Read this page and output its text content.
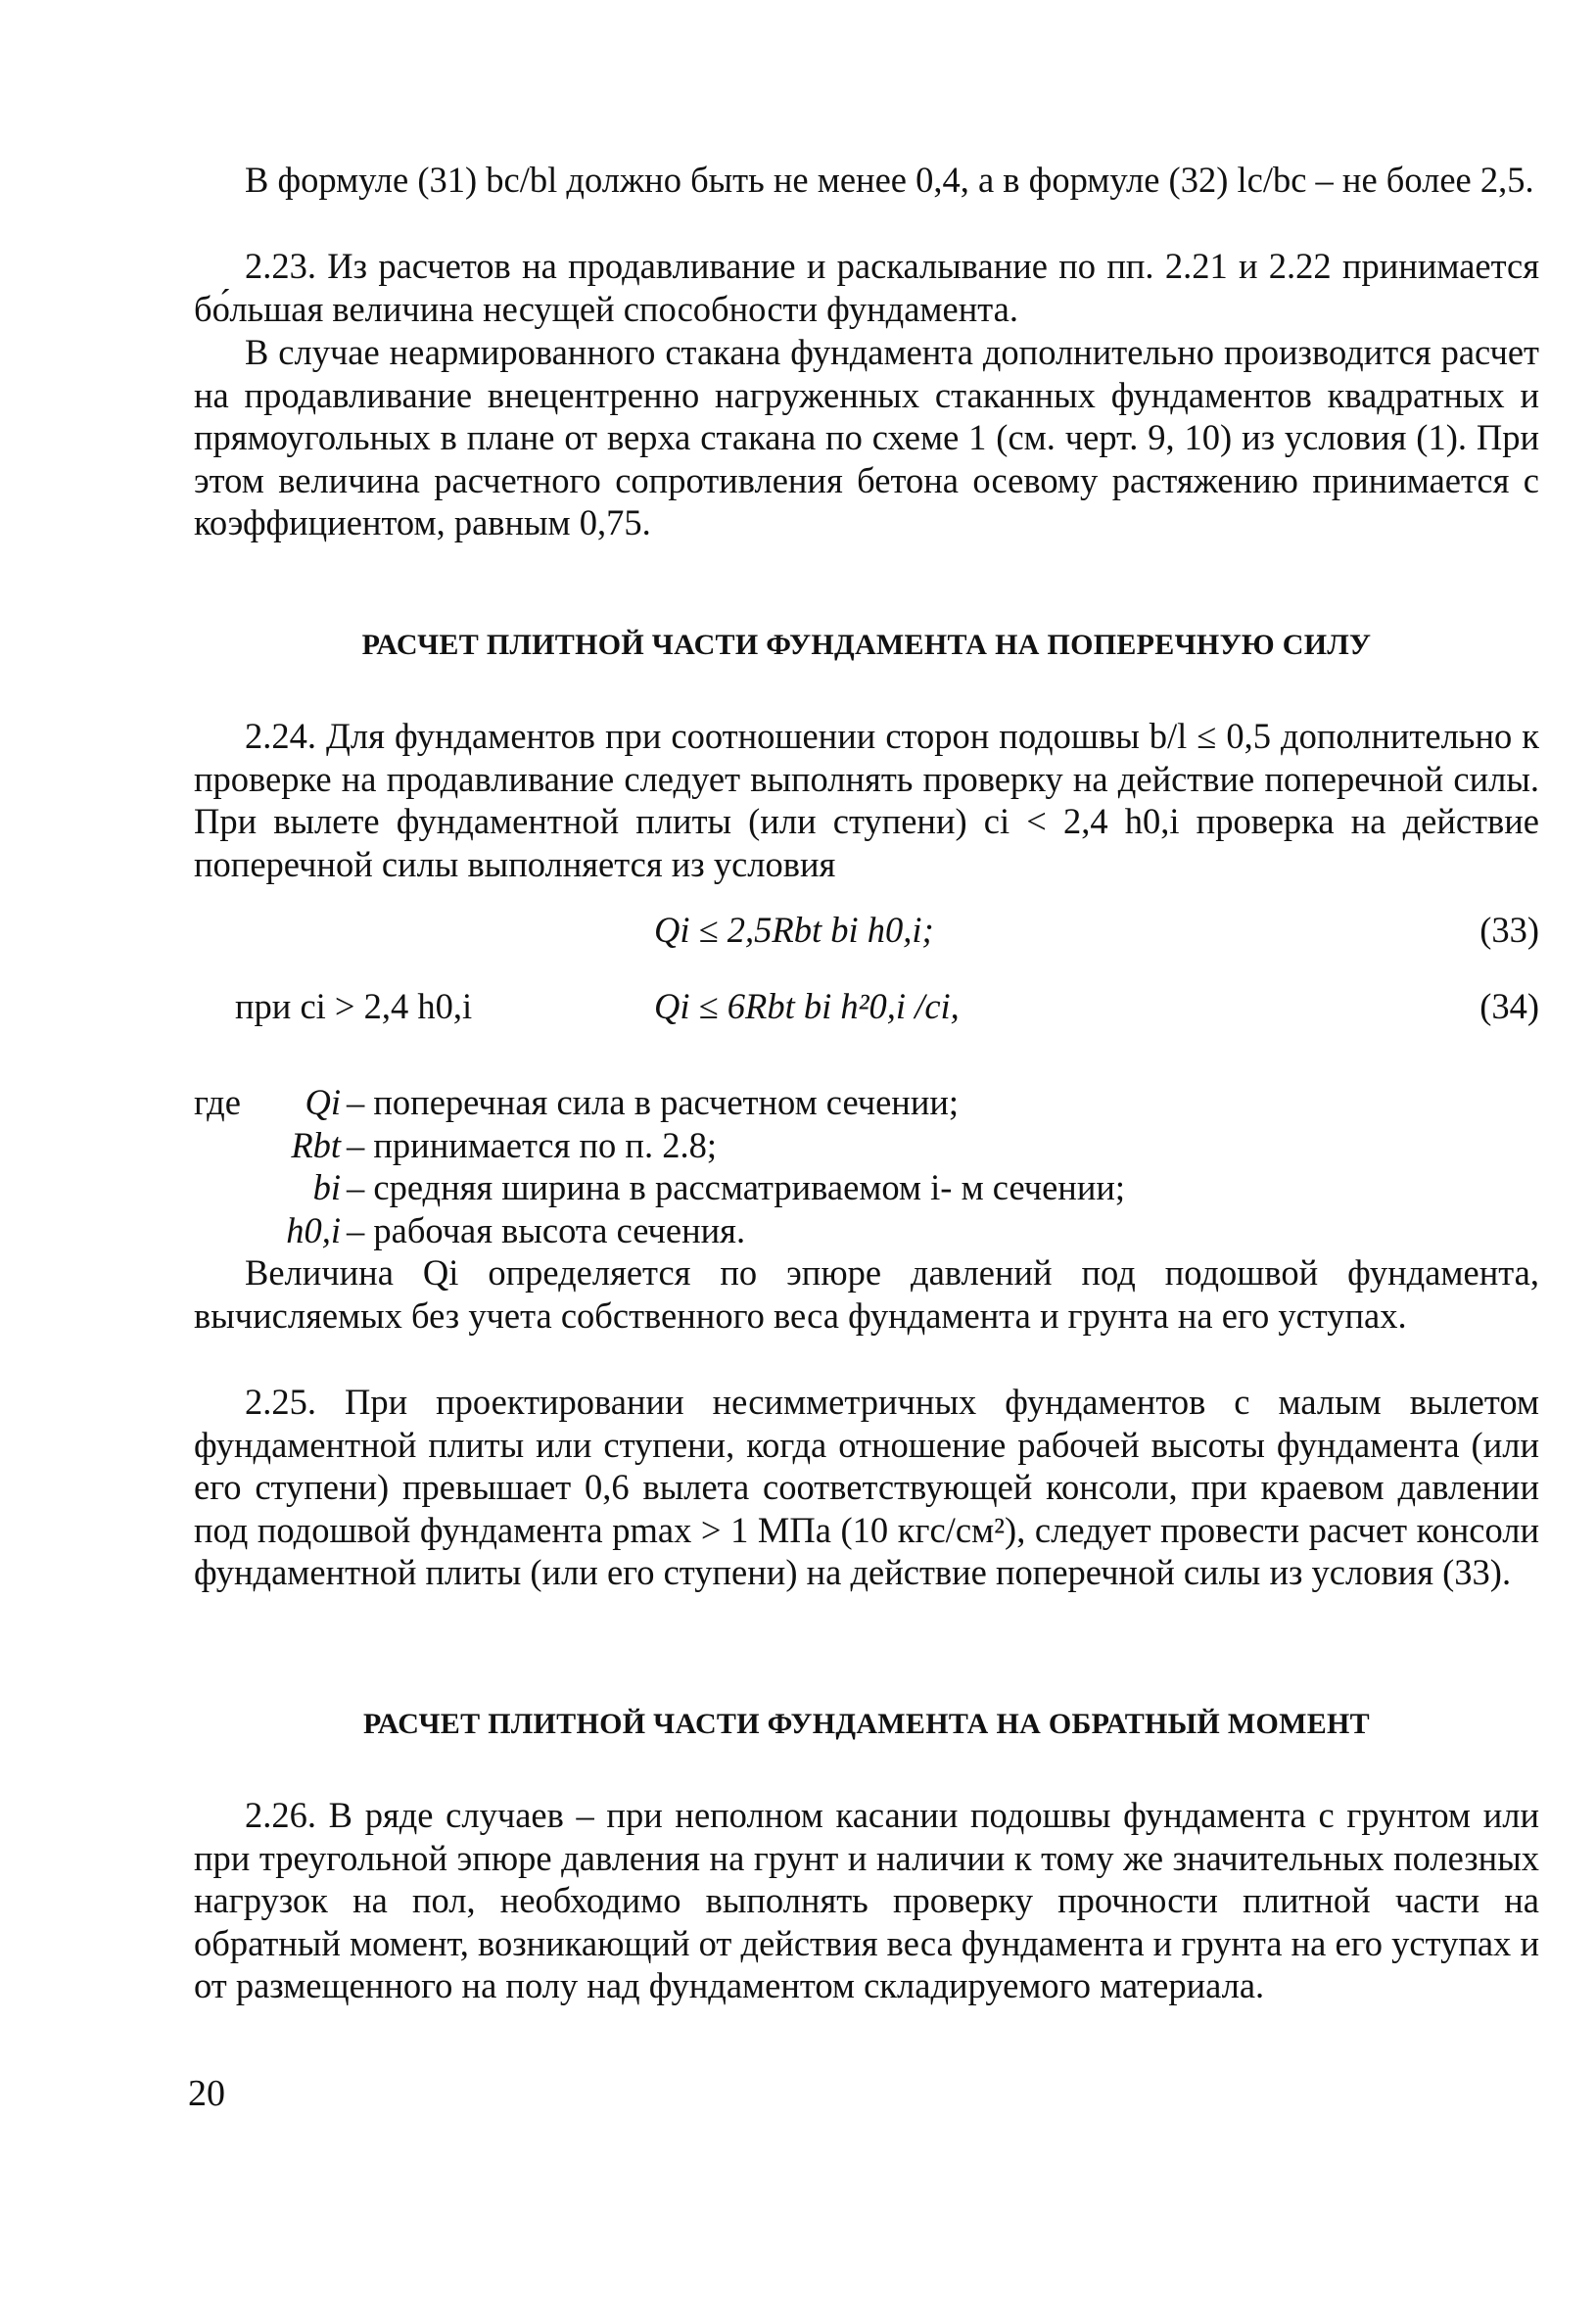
В формуле (31) bc/bl должно быть не менее 0,4, а в формуле (32) lc/bc – не более 2,5.

2.23. Из расчетов на продавливание и раскалывание по пп. 2.21 и 2.22 принимается бо́льшая величина несущей способности фундамента.

В случае неармированного стакана фундамента дополнительно производится расчет на продавливание внецентренно нагруженных стаканных фундаментов квадратных и прямоугольных в плане от верха стакана по схеме 1 (см. черт. 9, 10) из условия (1). При этом величина расчетного сопротивления бетона осевому растяжению принимается с коэффициентом, равным 0,75.

РАСЧЕТ ПЛИТНОЙ ЧАСТИ ФУНДАМЕНТА НА ПОПЕРЕЧНУЮ СИЛУ

2.24. Для фундаментов при соотношении сторон подошвы b/l ≤ 0,5 дополнительно к проверке на продавливание следует выполнять проверку на действие поперечной силы. При вылете фундаментной плиты (или ступени) ci < 2,4 h0,i проверка на действие поперечной силы выполняется из условия

Qi ≤ 2,5Rbt bi h0,i;	(33)
при ci > 2,4 h0,i	Qi ≤ 6Rbt bi h²0,i /ci,	(34)
где	Qi – поперечная сила в расчетном сечении;
Rbt – принимается по п. 2.8;
bi – средняя ширина в рассматриваемом i- м сечении;
h0,i – рабочая высота сечения.

Величина Qi определяется по эпюре давлений под подошвой фундамента, вычисляемых без учета собственного веса фундамента и грунта на его уступах.

2.25. При проектировании несимметричных фундаментов с малым вылетом фундаментной плиты или ступени, когда отношение рабочей высоты фундамента (или его ступени) превышает 0,6 вылета соответствующей консоли, при краевом давлении под подошвой фундамента pmax > 1 МПа (10 кгс/см²), следует провести расчет консоли фундаментной плиты (или его ступени) на действие поперечной силы из условия (33).

РАСЧЕТ ПЛИТНОЙ ЧАСТИ ФУНДАМЕНТА НА ОБРАТНЫЙ МОМЕНТ

2.26. В ряде случаев – при неполном касании подошвы фундамента с грунтом или при треугольной эпюре давления на грунт и наличии к тому же значительных полезных нагрузок на пол, необходимо выполнять проверку прочности плитной части на обратный момент, возникающий от действия веса фундамента и грунта на его уступах и от размещенного на полу над фундаментом складируемого материала.

20
